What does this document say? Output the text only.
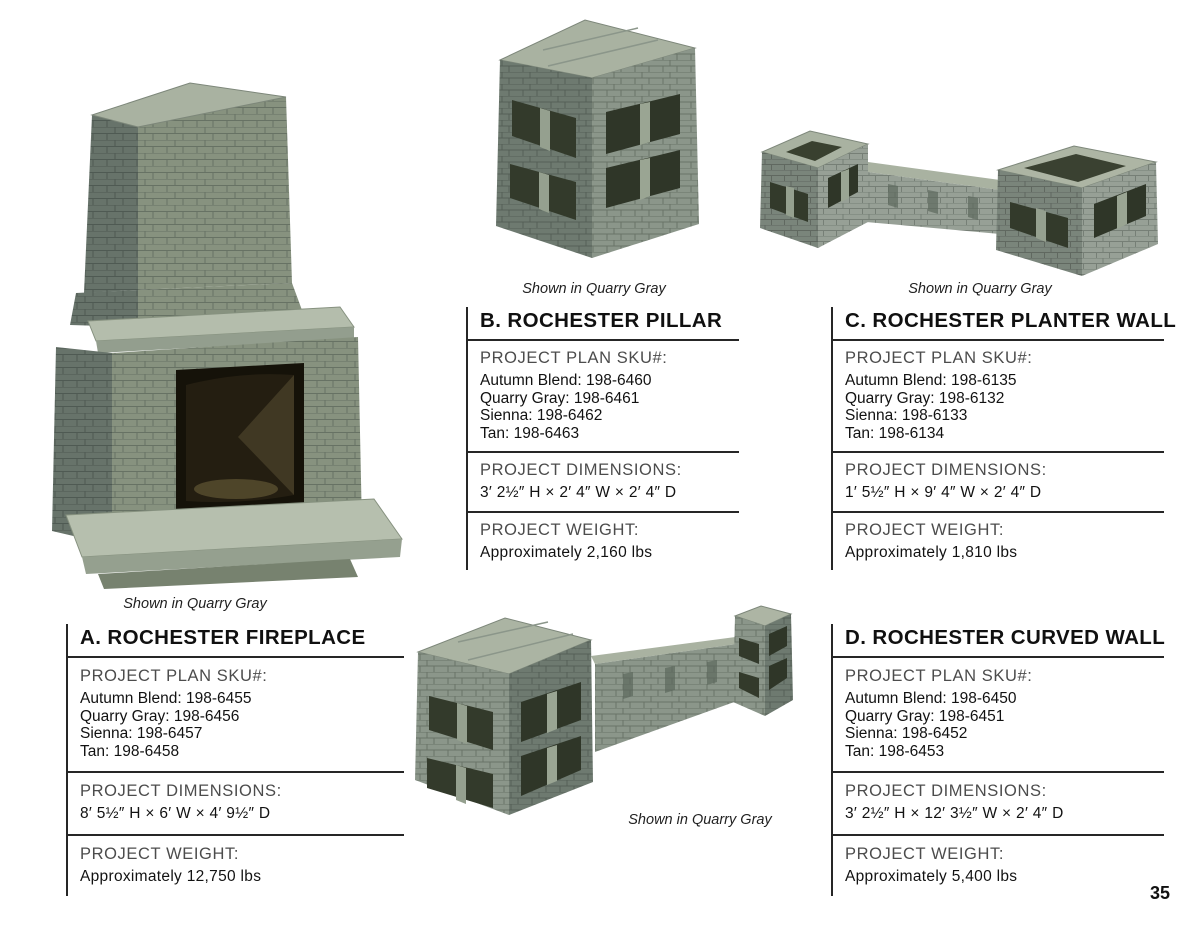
Shown in Quarry Gray
Shown in Quarry Gray	Shown in Quarry Gray
Shown in Quarry Gray
B. ROCHESTER PILLAR
PROJECT PLAN SKU#:
Autumn Blend: 198-6460
Quarry Gray: 198-6461
Sienna: 198-6462
Tan: 198-6463
PROJECT DIMENSIONS:
3′ 2½″ H × 2′ 4″ W × 2′ 4″ D
PROJECT WEIGHT:
Approximately 2,160 lbs
C. ROCHESTER PLANTER WALL
PROJECT PLAN SKU#:
Autumn Blend: 198-6135
Quarry Gray: 198-6132
Sienna: 198-6133
Tan: 198-6134
PROJECT DIMENSIONS:
1′ 5½″ H × 9′ 4″ W × 2′ 4″ D
PROJECT WEIGHT:
Approximately 1,810 lbs
A. ROCHESTER FIREPLACE
PROJECT PLAN SKU#:
Autumn Blend: 198-6455
Quarry Gray: 198-6456
Sienna: 198-6457
Tan: 198-6458
PROJECT DIMENSIONS:
8′ 5½″ H × 6′ W × 4′ 9½″ D
PROJECT WEIGHT:
Approximately 12,750 lbs
D. ROCHESTER CURVED WALL
PROJECT PLAN SKU#:
Autumn Blend: 198-6450
Quarry Gray: 198-6451
Sienna: 198-6452
Tan: 198-6453
PROJECT DIMENSIONS:
3′ 2½″ H × 12′ 3½″ W × 2′ 4″ D
PROJECT WEIGHT:
Approximately 5,400 lbs
35
